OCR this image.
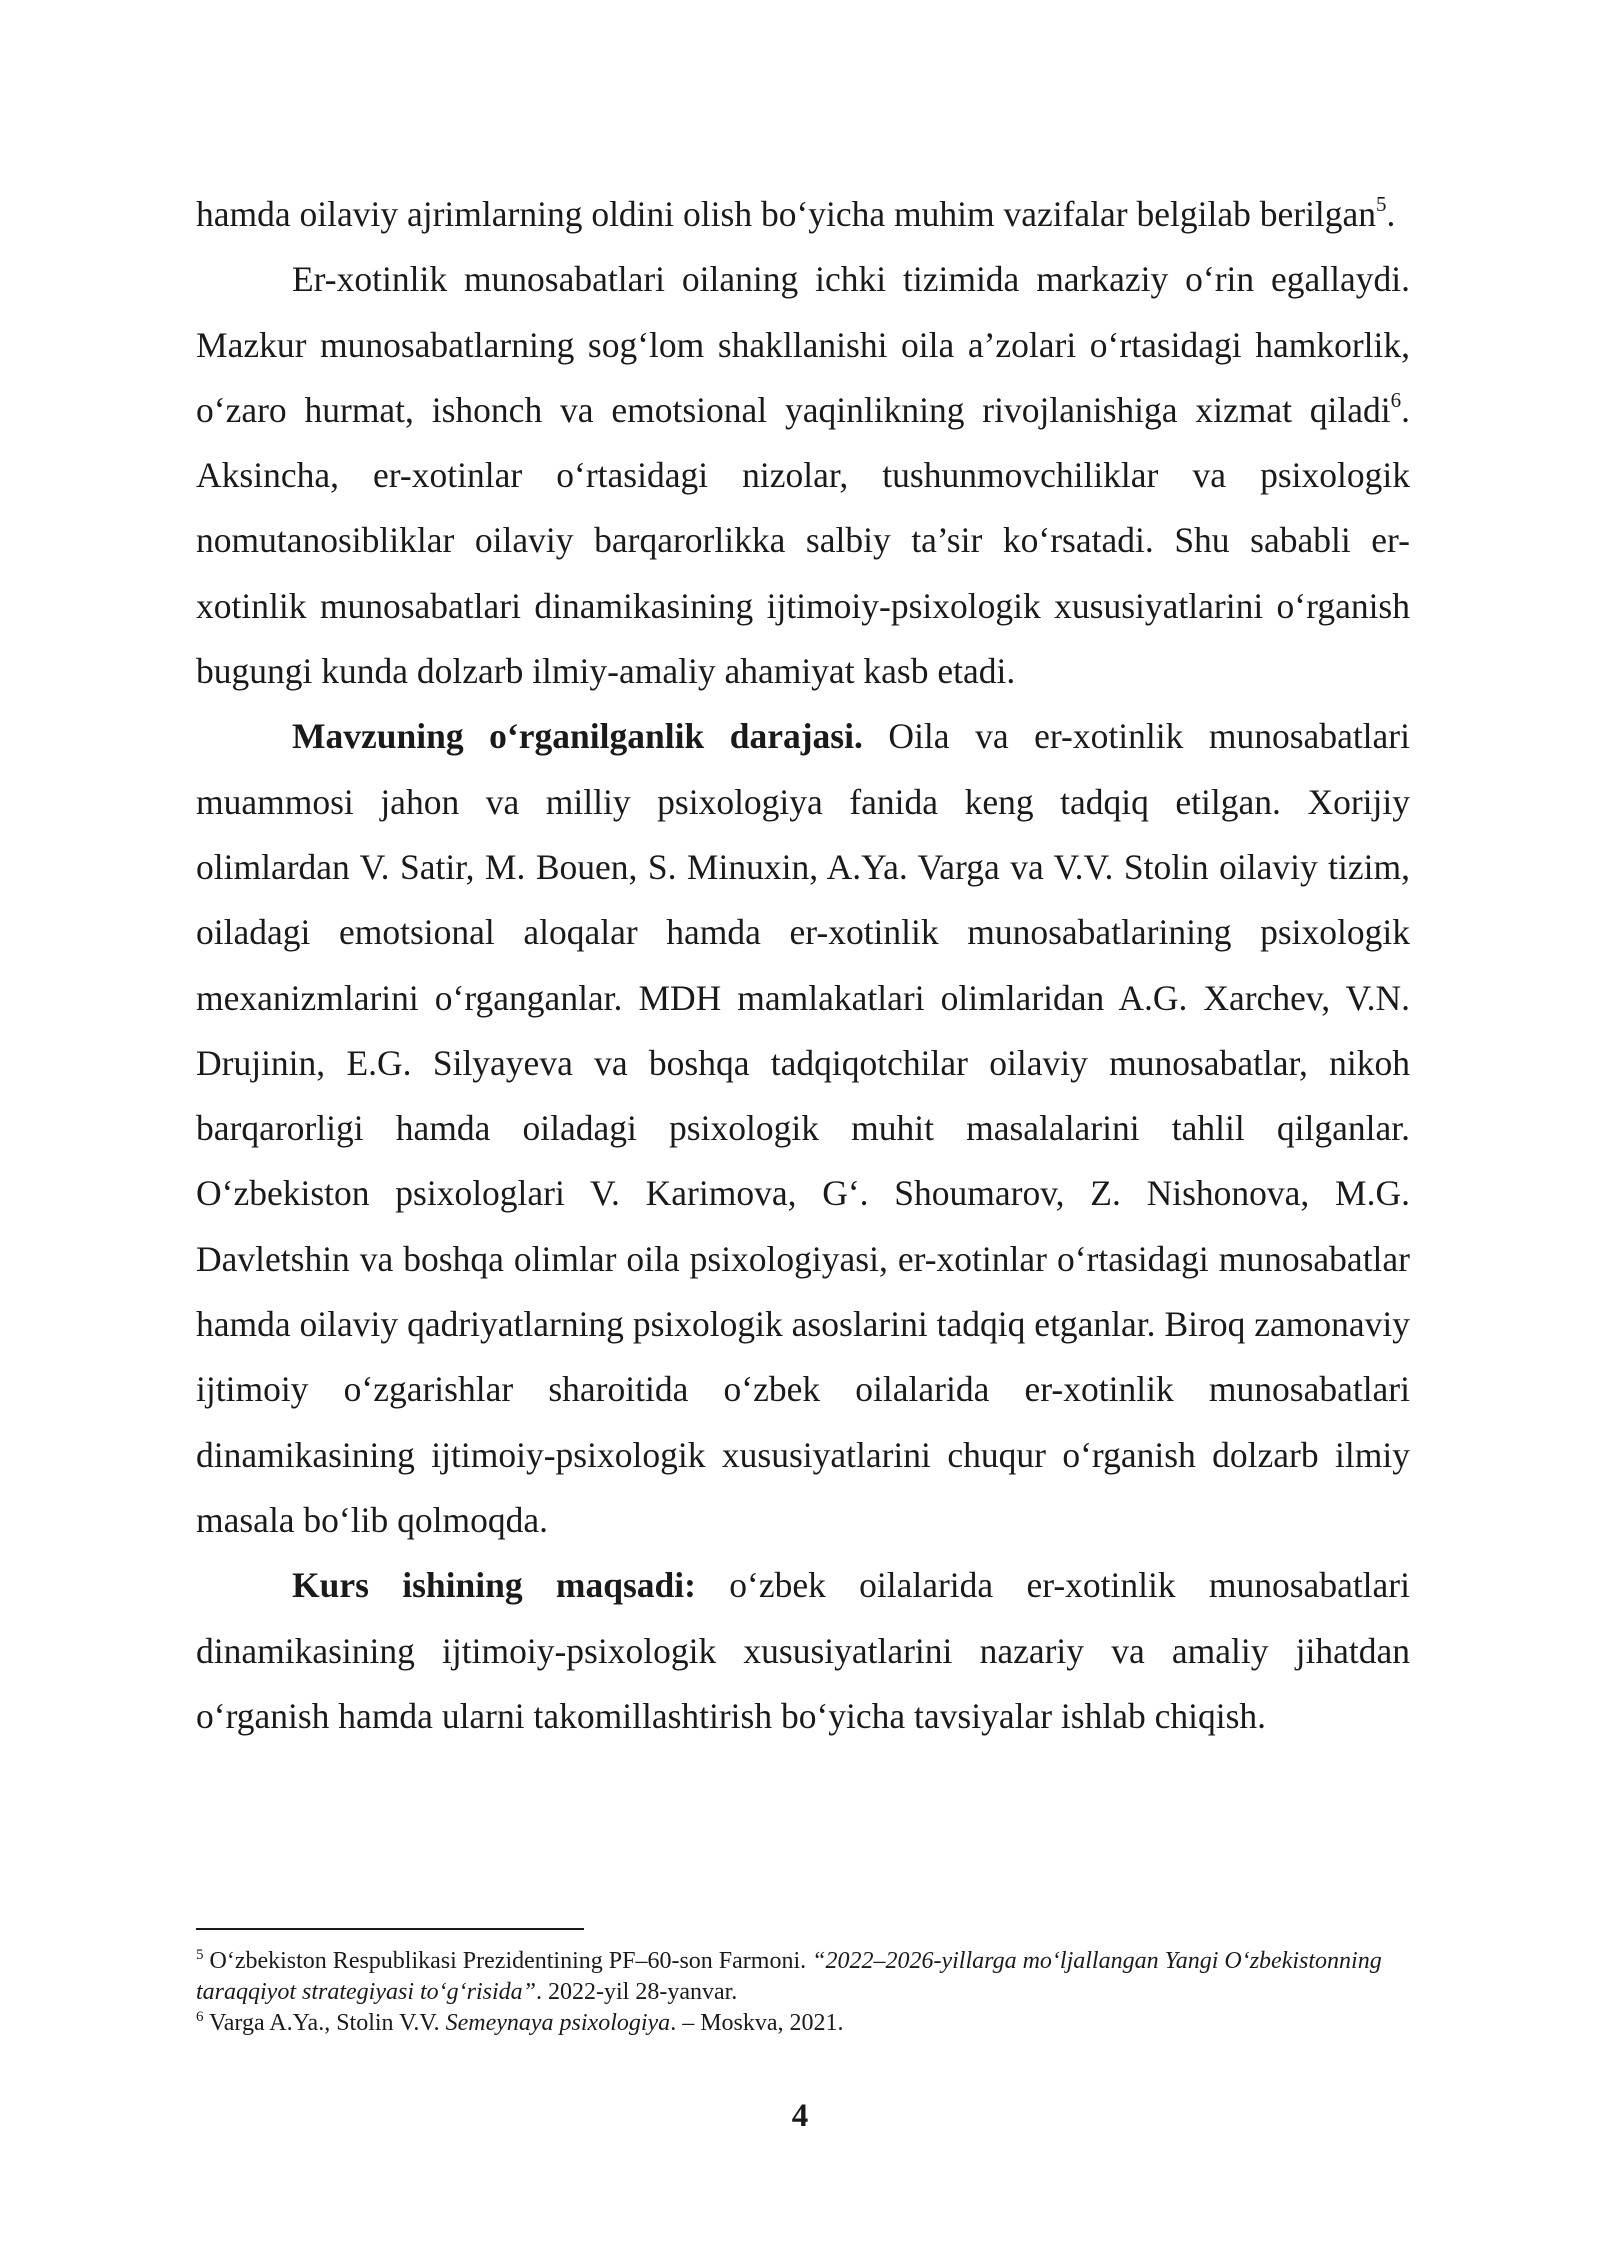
hamda oilaviy ajrimlarning oldini olish bo‘yicha muhim vazifalar belgilab berilgan$^5$.

Er-xotinlik munosabatlari oilaning ichki tizimida markaziy o‘rin egallaydi. Mazkur munosabatlarning sog‘lom shakllanishi oila a’zolari o‘rtasidagi hamkorlik, o‘zaro hurmat, ishonch va emotsional yaqinlikning rivojlanishiga xizmat qiladi$^6$. Aksincha, er-xotinlar o‘rtasidagi nizolar, tushunmovchiliklar va psixologik nomutanosibliklar oilaviy barqarorlikka salbiy ta’sir ko‘rsatadi. Shu sababli er-xotinlik munosabatlari dinamikasining ijtimoiy-psixologik xususiyatlarini o‘rganish bugungi kunda dolzarb ilmiy-amaliy ahamiyat kasb etadi.

Mavzuning o‘rganilganlik darajasi. Oila va er-xotinlik munosabatlari muammosi jahon va milliy psixologiya fanida keng tadqiq etilgan. Xorijiy olimlardan V. Satir, M. Bouen, S. Minuxin, A.Ya. Varga va V.V. Stolin oilaviy tizim, oiladagi emotsional aloqalar hamda er-xotinlik munosabatlarining psixologik mexanizmlarini o‘rganganlar. MDH mamlakatlari olimlaridan A.G. Xarchev, V.N. Drujinin, E.G. Silyayeva va boshqa tadqiqotchilar oilaviy munosabatlar, nikoh barqarorligi hamda oiladagi psixologik muhit masalalarini tahlil qilganlar. O‘zbekiston psixologlari V. Karimova, G‘. Shoumarov, Z. Nishonova, M.G. Davletshin va boshqa olimlar oila psixologiyasi, er-xotinlar o‘rtasidagi munosabatlar hamda oilaviy qadriyatlarning psixologik asoslarini tadqiq etganlar. Biroq zamonaviy ijtimoiy o‘zgarishlar sharoitida o‘zbek oilalarida er-xotinlik munosabatlari dinamikasining ijtimoiy-psixologik xususiyatlarini chuqur o‘rganish dolzarb ilmiy masala bo‘lib qolmoqda.

Kurs ishining maqsadi: o‘zbek oilalarida er-xotinlik munosabatlari dinamikasining ijtimoiy-psixologik xususiyatlarini nazariy va amaliy jihatdan o‘rganish hamda ularni takomillashtirish bo‘yicha tavsiyalar ishlab chiqish.

$^5$ O‘zbekiston Respublikasi Prezidentining PF–60-son Farmoni. “2022–2026-yillarga mo‘ljallangan Yangi O‘zbekistonning taraqqiyot strategiyasi to‘g‘risida”. 2022-yil 28-yanvar.

$^6$ Varga A.Ya., Stolin V.V. Semeynaya psixologiya. – Moskva, 2021.

4
